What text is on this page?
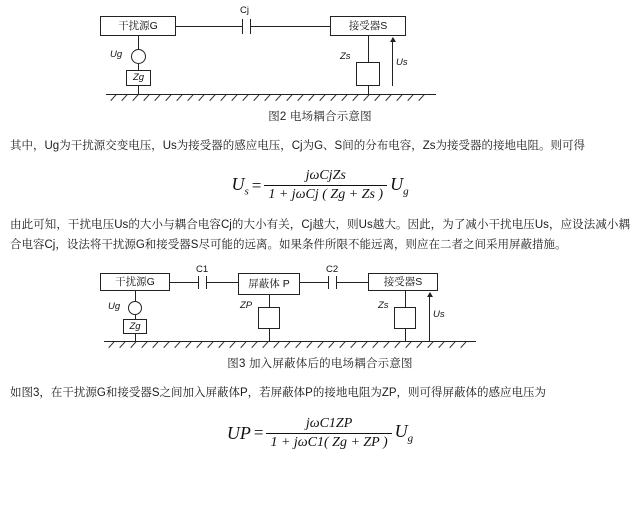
干扰源G	接受器S
Cj
Ug
Zg
Zs
Us
图2 电场耦合示意图

其中，Ug为干扰源交变电压，Us为接受器的感应电压，Cj为G、S间的分布电容，Zs为接受器的接地电阻。则可得

$U_s = \frac{\text{jωCjZs}}{\text{1 + jωCj ( Zg + Zs )}} U_g$

由此可知，干扰电压Us的大小与耦合电容Cj的大小有关，Cj越大，则Us越大。因此，为了减小干扰电压Us，应设法减小耦合电容Cj，设法将干扰源G和接受器S尽可能的远离。如果条件所限不能远离，则应在二者之间采用屏蔽措施。

干扰源G	屏蔽体 P	接受器S
C1	C2
Ug
Zg
ZP	Zs
Us
图3 加入屏蔽体后的电场耦合示意图

如图3，在干扰源G和接受器S之间加入屏蔽体P，若屏蔽体P的接地电阻为ZP，则可得屏蔽体的感应电压为

UP = $\frac{\text{jωC1ZP}}{\text{1 + jωC1( Zg + ZP )}} U_g$
